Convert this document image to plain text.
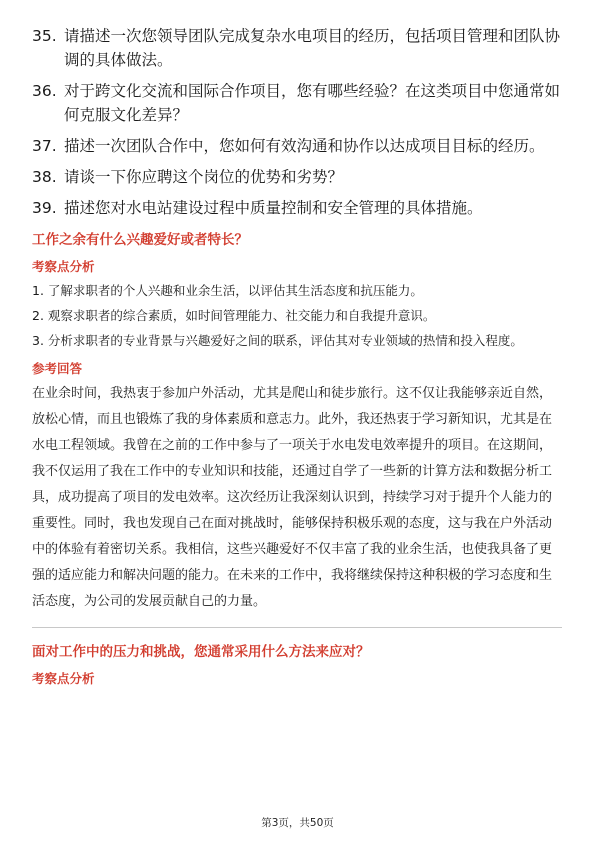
35. 请描述一次您领导团队完成复杂水电项目的经历，包括项目管理和团队协调的具体做法。
36. 对于跨文化交流和国际合作项目，您有哪些经验？在这类项目中您通常如何克服文化差异？
37. 描述一次团队合作中，您如何有效沟通和协作以达成项目目标的经历。
38. 请谈一下你应聘这个岗位的优势和劣势？
39. 描述您对水电站建设过程中质量控制和安全管理的具体措施。
工作之余有什么兴趣爱好或者特长？
考察点分析
1. 了解求职者的个人兴趣和业余生活，以评估其生活态度和抗压能力。
2. 观察求职者的综合素质，如时间管理能力、社交能力和自我提升意识。
3. 分析求职者的专业背景与兴趣爱好之间的联系，评估其对专业领域的热情和投入程度。
参考回答
在业余时间，我热衷于参加户外活动，尤其是爬山和徒步旅行。这不仅让我能够亲近自然，放松心情，而且也锻炼了我的身体素质和意志力。此外，我还热衷于学习新知识，尤其是在水电工程领域。我曾在之前的工作中参与了一项关于水电发电效率提升的项目。在这期间，我不仅运用了我在工作中的专业知识和技能，还通过自学了一些新的计算方法和数据分析工具，成功提高了项目的发电效率。这次经历让我深刻认识到，持续学习对于提升个人能力的重要性。同时，我也发现自己在面对挑战时，能够保持积极乐观的态度，这与我在户外活动中的体验有着密切关系。我相信，这些兴趣爱好不仅丰富了我的业余生活，也使我具备了更强的适应能力和解决问题的能力。在未来的工作中，我将继续保持这种积极的学习态度和生活态度，为公司的发展贡献自己的力量。
面对工作中的压力和挑战，您通常采用什么方法来应对？
考察点分析
第3页，共50页
